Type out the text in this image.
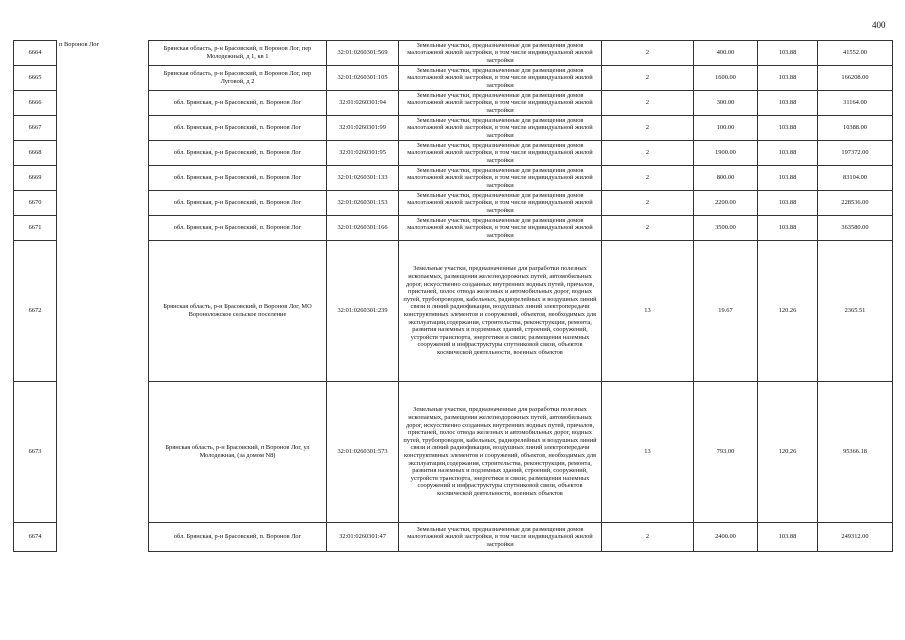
400
6664	п Воронов Лог	Брянская область, р-н Брасовский, п Воронов Лог, пер Молодежный, д 1, кв 1	32:01:0260301:569	Земельные участки, предназначенные для размещения домов малоэтажной жилой застройки, в том числе индивидуальной жилой застройки	2	400.00	103.88	41552.00
6665		Брянская область, р-н Брасовский, п Воронов Лог, пер Луговой, д 2	32:01:0260301:105	Земельные участки, предназначенные для размещения домов малоэтажной жилой застройки, в том числе индивидуальной жилой застройки	2	1600.00	103.88	166208.00
6666		обл. Брянская, р-н Брасовский, п. Воронов Лог	32:01:0260301:94	Земельные участки, предназначенные для размещения домов малоэтажной жилой застройки, в том числе индивидуальной жилой застройки	2	300.00	103.88	31164.00
6667		обл. Брянская, р-н Брасовский, п. Воронов Лог	32:01:0260301:99	Земельные участки, предназначенные для размещения домов малоэтажной жилой застройки, в том числе индивидуальной жилой застройки	2	100.00	103.88	10388.00
6668		обл. Брянская, р-н Брасовский, п. Воронов Лог	32:01:0260301:95	Земельные участки, предназначенные для размещения домов малоэтажной жилой застройки, в том числе индивидуальной жилой застройки	2	1900.00	103.88	197372.00
6669		обл. Брянская, р-н Брасовский, п. Воронов Лог	32:01:0260301:133	Земельные участки, предназначенные для размещения домов малоэтажной жилой застройки, в том числе индивидуальной жилой застройки	2	800.00	103.88	83104.00
6670		обл. Брянская, р-н Брасовский, п. Воронов Лог	32:01:0260301:153	Земельные участки, предназначенные для размещения домов малоэтажной жилой застройки, в том числе индивидуальной жилой застройки	2	2200.00	103.88	228536.00
6671		обл. Брянская, р-н Брасовский, п. Воронов Лог	32:01:0260301:166	Земельные участки, предназначенные для размещения домов малоэтажной жилой застройки, в том числе индивидуальной жилой застройки	2	3500.00	103.88	363580.00
6672		Брянская область, р-н Брасовский, п Воронов Лог, МО Вороноложское сельское поселение	32:01:0260301:239	Земельные участки, предназначенные для разработки полезных ископаемых, размещения железнодорожных путей, автомобильных дорог, искусственно созданных внутренних водных путей, причалов, пристаней, полос отвода железных и автомобильных дорог, водных путей, трубопроводов, кабельных, радиорелейных и воздушных линий связи и линий радиофикации, воздушных линий электропередачи конструктивных элементов и сооружений, объектов, необходимых для эксплуатации,содержания, строительства, реконструкции, ремонта, развития наземных и подземных зданий, строений, сооружений, устройств транспорта, энергетики и связи; размещения наземных сооружений и инфраструктуры спутниковой связи, объектов космической деятельности, военных объектов	13	19.67	120.26	2365.51
6673		Брянская область, р-н Брасовский, п Воронов Лог, ул Молодежная, (за домом N8)	32:01:0260301:573	Земельные участки, предназначенные для разработки полезных ископаемых, размещения железнодорожных путей, автомобильных дорог, искусственно созданных внутренних водных путей, причалов, пристаней, полос отвода железных и автомобильных дорог, водных путей, трубопроводов, кабельных, радиорелейных и воздушных линий связи и линий радиофикации, воздушных линий электропередачи конструктивных элементов и сооружений, объектов, необходимых для эксплуатации,содержания, строительства, реконструкции, ремонта, развития наземных и подземных зданий, строений, сооружений, устройств транспорта, энергетики и связи; размещения наземных сооружений и инфраструктуры спутниковой связи, объектов космической деятельности, военных объектов	13	793.00	120.26	95366.18
6674		обл. Брянская, р-н Брасовский, п. Воронов Лог	32:01:0260301:47	Земельные участки, предназначенные для размещения домов малоэтажной жилой застройки, в том числе индивидуальной жилой застройки	2	2400.00	103.88	249312.00
